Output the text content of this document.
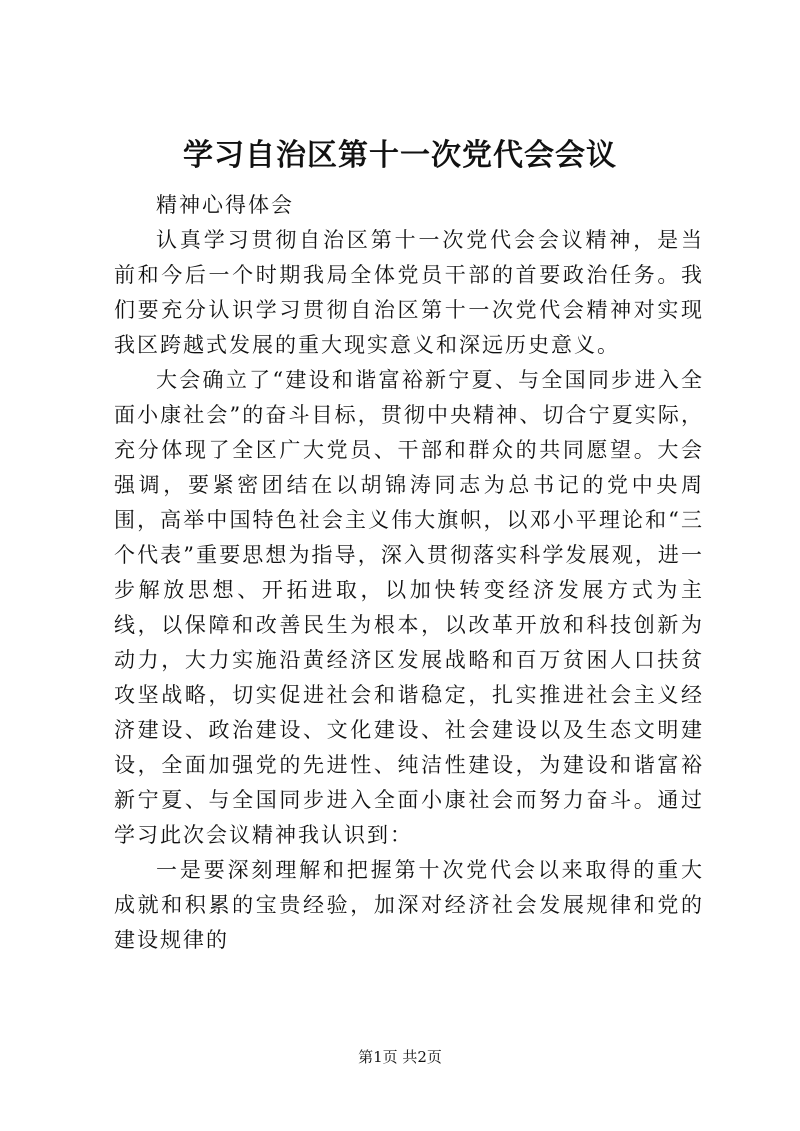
学习自治区第十一次党代会会议

精神心得体会

认真学习贯彻自治区第十一次党代会会议精神，是当前和今后一个时期我局全体党员干部的首要政治任务。我们要充分认识学习贯彻自治区第十一次党代会精神对实现我区跨越式发展的重大现实意义和深远历史意义。

大会确立了“建设和谐富裕新宁夏、与全国同步进入全面小康社会”的奋斗目标，贯彻中央精神、切合宁夏实际，充分体现了全区广大党员、干部和群众的共同愿望。大会强调，要紧密团结在以胡锦涛同志为总书记的党中央周围，高举中国特色社会主义伟大旗帜，以邓小平理论和“三个代表”重要思想为指导，深入贯彻落实科学发展观，进一步解放思想、开拓进取，以加快转变经济发展方式为主线，以保障和改善民生为根本，以改革开放和科技创新为动力，大力实施沿黄经济区发展战略和百万贫困人口扶贫攻坚战略，切实促进社会和谐稳定，扎实推进社会主义经济建设、政治建设、文化建设、社会建设以及生态文明建设，全面加强党的先进性、纯洁性建设，为建设和谐富裕新宁夏、与全国同步进入全面小康社会而努力奋斗。通过学习此次会议精神我认识到：

一是要深刻理解和把握第十次党代会以来取得的重大成就和积累的宝贵经验，加深对经济社会发展规律和党的建设规律的

第1页 共2页
